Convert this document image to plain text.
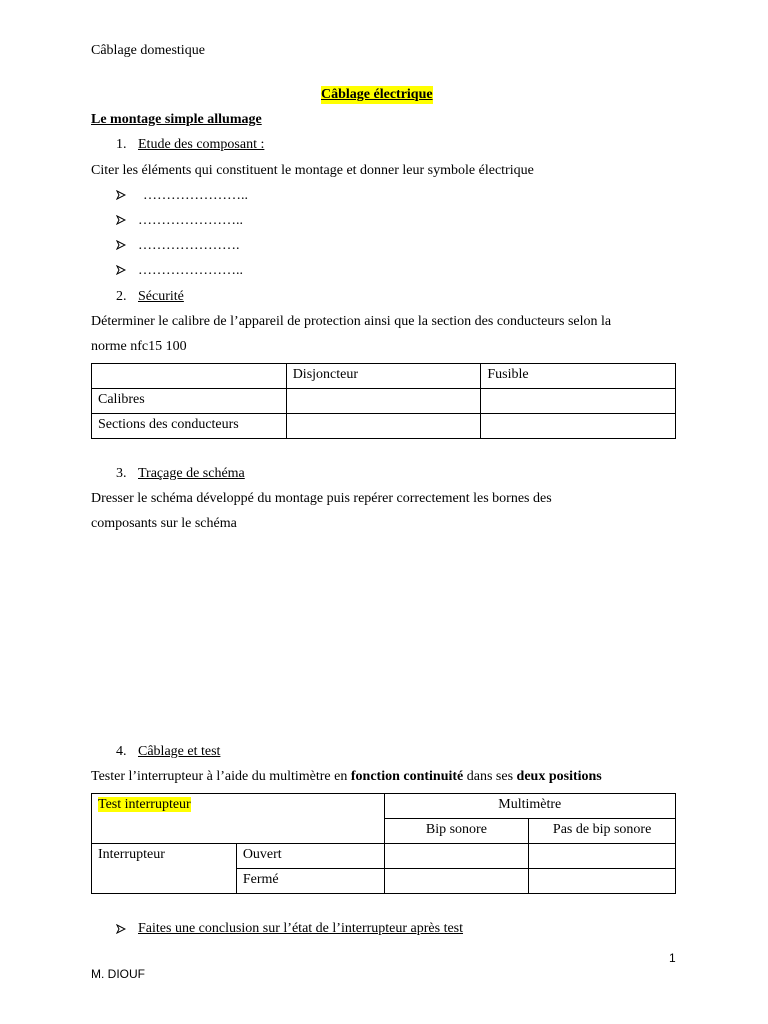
Câblage domestique
Câblage électrique
Le montage simple allumage
1. Etude des composant :
Citer les éléments qui constituent le montage et donner leur symbole électrique
…………………..
…………………..
………………….
…………………..
2. Sécurité
Déterminer le calibre de l’appareil de protection ainsi que la section des conducteurs selon la
norme nfc15 100
	Disjoncteur	Fusible
Calibres		
Sections des conducteurs		
3. Traçage de schéma
Dresser le schéma développé du montage puis repérer correctement les bornes des
composants sur le schéma
4. Câblage et test
Tester l’interrupteur à l’aide du multimètre en fonction continuité dans ses deux positions
Test interrupteur		Multimètre	
		Bip sonore	Pas de bip sonore
Interrupteur	Ouvert		
	Fermé		
Faites une conclusion sur l’état de l’interrupteur après test
1
M. DIOUF
